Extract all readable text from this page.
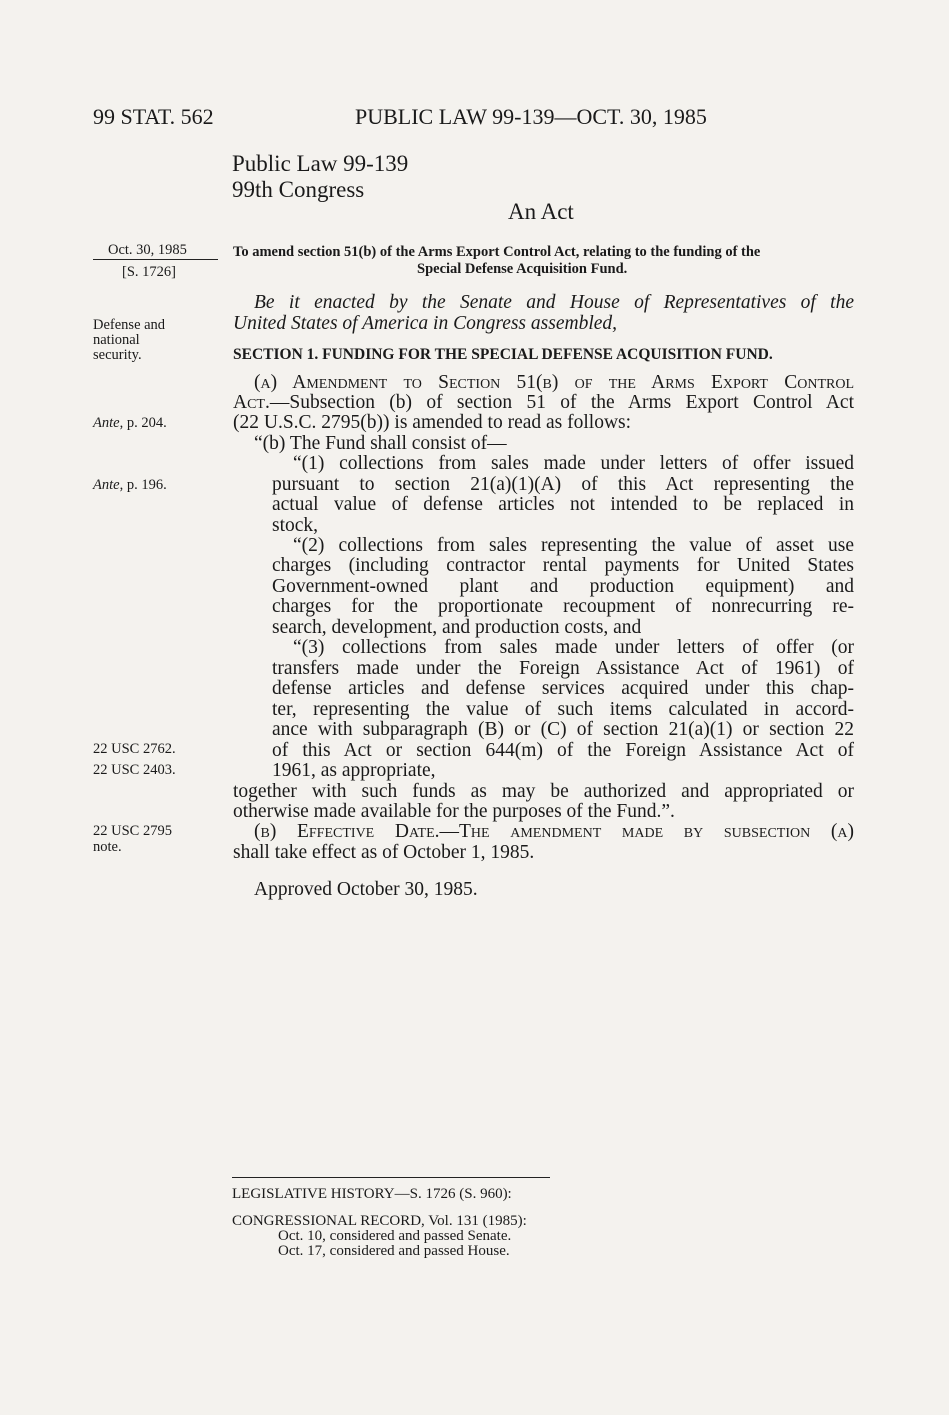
99 STAT. 562	PUBLIC LAW 99-139—OCT. 30, 1985
Public Law 99-139
99th Congress
An Act
Oct. 30, 1985
[S. 1726]
To amend section 51(b) of the Arms Export Control Act, relating to the funding of the
Special Defense Acquisition Fund.
Defense and
national
security.
Ante, p. 204.
Ante, p. 196.
22 USC 2762.
22 USC 2403.
22 USC 2795
note.
Be it enacted by the Senate and House of Representatives of the
United States of America in Congress assembled,
SECTION 1. FUNDING FOR THE SPECIAL DEFENSE ACQUISITION FUND.
(a) Amendment to Section 51(b) of the Arms Export Control
Act.—Subsection (b) of section 51 of the Arms Export Control Act
(22 U.S.C. 2795(b)) is amended to read as follows:
“(b) The Fund shall consist of—
“(1) collections from sales made under letters of offer issued
pursuant to section 21(a)(1)(A) of this Act representing the
actual value of defense articles not intended to be replaced in
stock,
“(2) collections from sales representing the value of asset use
charges (including contractor rental payments for United States
Government-owned plant and production equipment) and
charges for the proportionate recoupment of nonrecurring re-
search, development, and production costs, and
“(3) collections from sales made under letters of offer (or
transfers made under the Foreign Assistance Act of 1961) of
defense articles and defense services acquired under this chap-
ter, representing the value of such items calculated in accord-
ance with subparagraph (B) or (C) of section 21(a)(1) or section 22
of this Act or section 644(m) of the Foreign Assistance Act of
1961, as appropriate,
together with such funds as may be authorized and appropriated or
otherwise made available for the purposes of the Fund.”.
(b) Effective Date.—The amendment made by subsection (a)
shall take effect as of October 1, 1985.
Approved October 30, 1985.
LEGISLATIVE HISTORY—S. 1726 (S. 960):
CONGRESSIONAL RECORD, Vol. 131 (1985):
Oct. 10, considered and passed Senate.
Oct. 17, considered and passed House.
